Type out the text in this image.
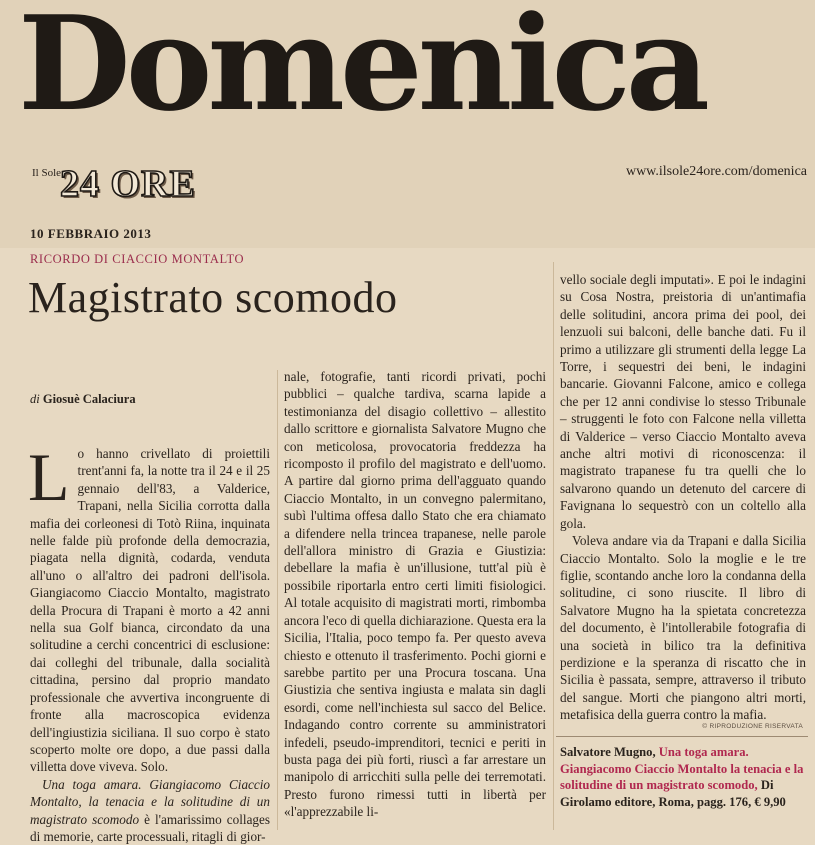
Domenica
Il Sole
24 ORE	www.ilsole24ore.com/domenica
10 FEBBRAIO 2013
RICORDO DI CIACCIO MONTALTO
Magistrato scomodo
di Giosuè Calaciura

Lo hanno crivellato di proiettili trent'anni fa, la notte tra il 24 e il 25 gennaio dell'83, a Valderice, Trapani, nella Sicilia corrotta dalla mafia dei corleonesi di Totò Riina, inquinata nelle falde più profonde della democrazia, piagata nella dignità, codarda, venduta all'uno o all'altro dei padroni dell'isola. Giangiacomo Ciaccio Montalto, magistrato della Procura di Trapani è morto a 42 anni nella sua Golf bianca, circondato da una solitudine a cerchi concentrici di esclusione: dai colleghi del tribunale, dalla socialità cittadina, persino dal proprio mandato professionale che avvertiva incongruente di fronte alla macroscopica evidenza dell'ingiustizia siciliana. Il suo corpo è stato scoperto molte ore dopo, a due passi dalla villetta dove viveva. Solo.

Una toga amara. Giangiacomo Ciaccio Montalto, la tenacia e la solitudine di un magistrato scomodo è l'amarissimo collages di memorie, carte processuali, ritagli di gior-

nale, fotografie, tanti ricordi privati, pochi pubblici – qualche tardiva, scarna lapide a testimonianza del disagio collettivo – allestito dallo scrittore e giornalista Salvatore Mugno che con meticolosa, provocatoria freddezza ha ricomposto il profilo del magistrato e dell'uomo. A partire dal giorno prima dell'agguato quando Ciaccio Montalto, in un convegno palermitano, subì l'ultima offesa dallo Stato che era chiamato a difendere nella trincea trapanese, nelle parole dell'allora ministro di Grazia e Giustizia: debellare la mafia è un'illusione, tutt'al più è possibile riportarla entro certi limiti fisiologici. Al totale acquisito di magistrati morti, rimbomba ancora l'eco di quella dichiarazione. Questa era la Sicilia, l'Italia, poco tempo fa. Per questo aveva chiesto e ottenuto il trasferimento. Pochi giorni e sarebbe partito per una Procura toscana. Una Giustizia che sentiva ingiusta e malata sin dagli esordi, come nell'inchiesta sul sacco del Belice. Indagando contro corrente su amministratori infedeli, pseudo-imprenditori, tecnici e periti in busta paga dei più forti, riuscì a far arrestare un manipolo di arricchiti sulla pelle dei terremotati. Presto furono rimessi tutti in libertà per «l'apprezzabile li-

vello sociale degli imputati». E poi le indagini su Cosa Nostra, preistoria di un'antimafia delle solitudini, ancora prima dei pool, dei lenzuoli sui balconi, delle banche dati. Fu il primo a utilizzare gli strumenti della legge La Torre, i sequestri dei beni, le indagini bancarie. Giovanni Falcone, amico e collega che per 12 anni condivise lo stesso Tribunale – struggenti le foto con Falcone nella villetta di Valderice – verso Ciaccio Montalto aveva anche altri motivi di riconoscenza: il magistrato trapanese fu tra quelli che lo salvarono quando un detenuto del carcere di Favignana lo sequestrò con un coltello alla gola.

Voleva andare via da Trapani e dalla Sicilia Ciaccio Montalto. Solo la moglie e le tre figlie, scontando anche loro la condanna della solitudine, ci sono riuscite. Il libro di Salvatore Mugno ha la spietata concretezza del documento, è l'intollerabile fotografia di una società in bilico tra la definitiva perdizione e la speranza di riscatto che in Sicilia è passata, sempre, attraverso il tributo del sangue. Morti che piangono altri morti, metafisica della guerra contro la mafia.

© RIPRODUZIONE RISERVATA
Salvatore Mugno, Una toga amara. Giangiacomo Ciaccio Montalto la tenacia e la solitudine di un magistrato scomodo, Di Girolamo editore, Roma, pagg. 176, € 9,90
